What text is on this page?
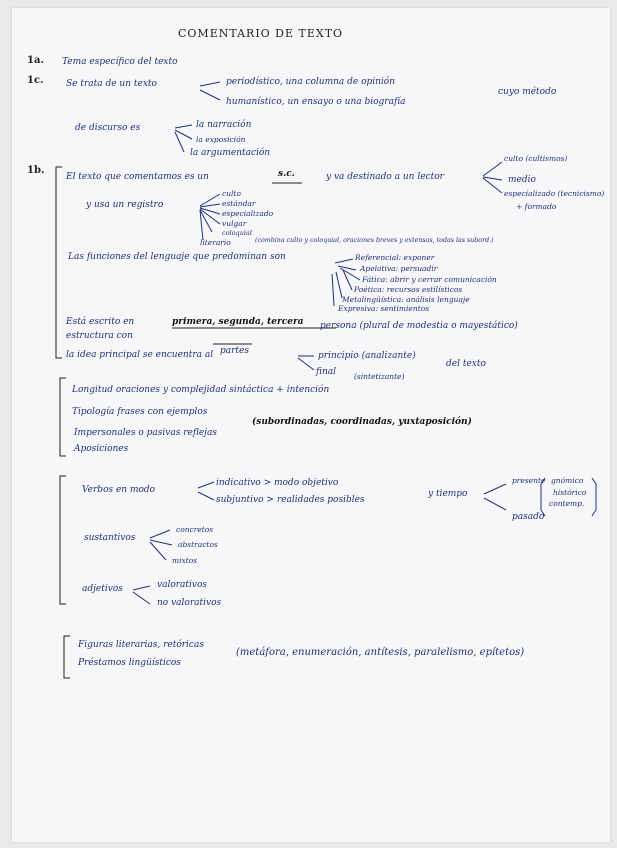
COMENTARIO DE TEXTO
1a. Tema específico del texto
1c. Se trata de un texto	periodístico, una columna de opinión
humanístico, un ensayo o una biografía
cuyo método
de discurso es	la narración
la exposición
la argumentación
1b.
El texto que comentamos es un	s.c.	y va destinado a un lector
culto (cultismos)
medio
especializado (tecnicismo)
+ formado
y usa un registro
culto
estándar
especializado
vulgar
coloquial
literario	(combina culto y coloquial, oraciones breves y extensas, todas las subord.)
Las funciones del lenguaje que predominan son	Referencial: exponer
Apelativa: persuadir
Fática: abrir y cerrar comunicación
Poética: recursos estilísticos
Metalingüística: análisis lenguaje
Expresiva: sentimientos
Está escrito en	primera, segunda, tercera persona (plural de modestia o mayestático)
estructura con
partes
la idea principal se encuentra al	principio (analizante)
final (sintetizante)
del texto
Longitud oraciones y complejidad sintáctica + intención
Tipología frases con ejemplos
(subordinadas, coordinadas, yuxtaposición)
Impersonales o pasivas reflejas
Aposiciones
Verbos en modo
indicativo > modo objetivo
subjuntivo > realidades posibles
y tiempo
presente gnómico
histórico
contemp.
pasado
sustantivos
concretos
abstractos
mixtos
adjetivos	valorativos
no valorativos
Figuras literarias, retóricas
(metáfora, enumeración, antítesis, paralelismo, epítetos)
Préstamos lingüísticos
